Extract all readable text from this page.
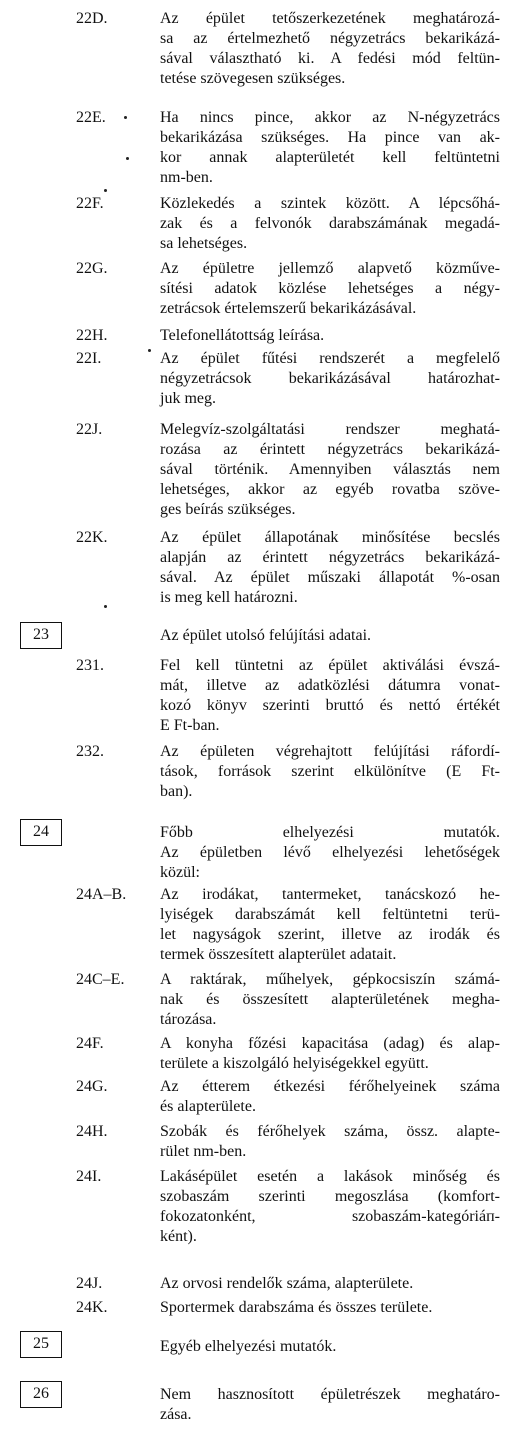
22D.	Az épület tetőszerkezetének meghatározá-
sa az értelmezhető négyzetrács bekarikázá-
sával választható ki. A fedési mód feltün-
tetése szövegesen szükséges.
22E.	Ha nincs pince, akkor az N-négyzetrács
bekarikázása szükséges. Ha pince van ak-
kor annak alapterületét kell feltüntetni
nm-ben.
22F.	Közlekedés a szintek között. A lépcsőhá-
zak és a felvonók darabszámának megadá-
sa lehetséges.
22G.	Az épületre jellemző alapvető közművе-
sítési adatok közlése lehetséges a négy-
zetrácsok értelemszerű bekarikázásával.
22H.	Telefonellátottság leírása.
22I.	Az épület fűtési rendszerét a megfelelő
négyzetrácsok bekarikázásával határozhat-
juk meg.
22J.	Melegvíz-szolgáltatási rendszer meghatá-
rozása az érintett négyzetrács bekarikázá-
sával történik. Amennyiben választás nem
lehetséges, akkor az egyéb rovatba szöve-
ges beírás szükséges.
22K.	Az épület állapotának minősítése becslés
alapján az érintett négyzetrács bekarikázá-
sával. Az épület műszaki állapotát %-osan
is meg kell határozni.
23	Az épület utolsó felújítási adatai.
231.	Fel kell tüntetni az épület aktiválási évszá-
mát, illetve az adatközlési dátumra vonat-
kozó könyv szerinti bruttó és nettó értékét
E Ft-ban.
232.	Az épületen végrehajtott felújítási ráfordí-
tások, források szerint elkülönítve (E Ft-
ban).
24	Főbb elhelyezési mutatók.
Az épületben lévő elhelyezési lehetőségek
közül:
24A–B. Az irodákat, tantermeket, tanácskozó he-
lyiségek darabszámát kell feltüntetni terü-
let nagyságok szerint, illetve az irodák és
termek összesített alapterület adatait.
24C–E. A raktárak, műhelyek, gépkocsiszín számá-
nak és összesített alapterületének megha-
tározása.
24F.	A konyha főzési kapacitása (adag) és alap-
területe a kiszolgáló helyiségekkel együtt.
24G.	Az étterem étkezési férőhelyeinek száma
és alapterülete.
24H.	Szobák és férőhelyek száma, össz. alapte-
rület nm-ben.
24I.	Lakásépület esetén a lakások minőség és
szobaszám szerinti megoszlása (komfort-
fokozatonként, szobaszám-kategóriáп-
ként).
24J.	Az orvosi rendelők száma, alapterülete.
24K.	Sportermek darabszáma és összes területe.
25	Egyéb elhelyezési mutatók.
26	Nem hasznosított épületrészek meghatáro-
zása.
